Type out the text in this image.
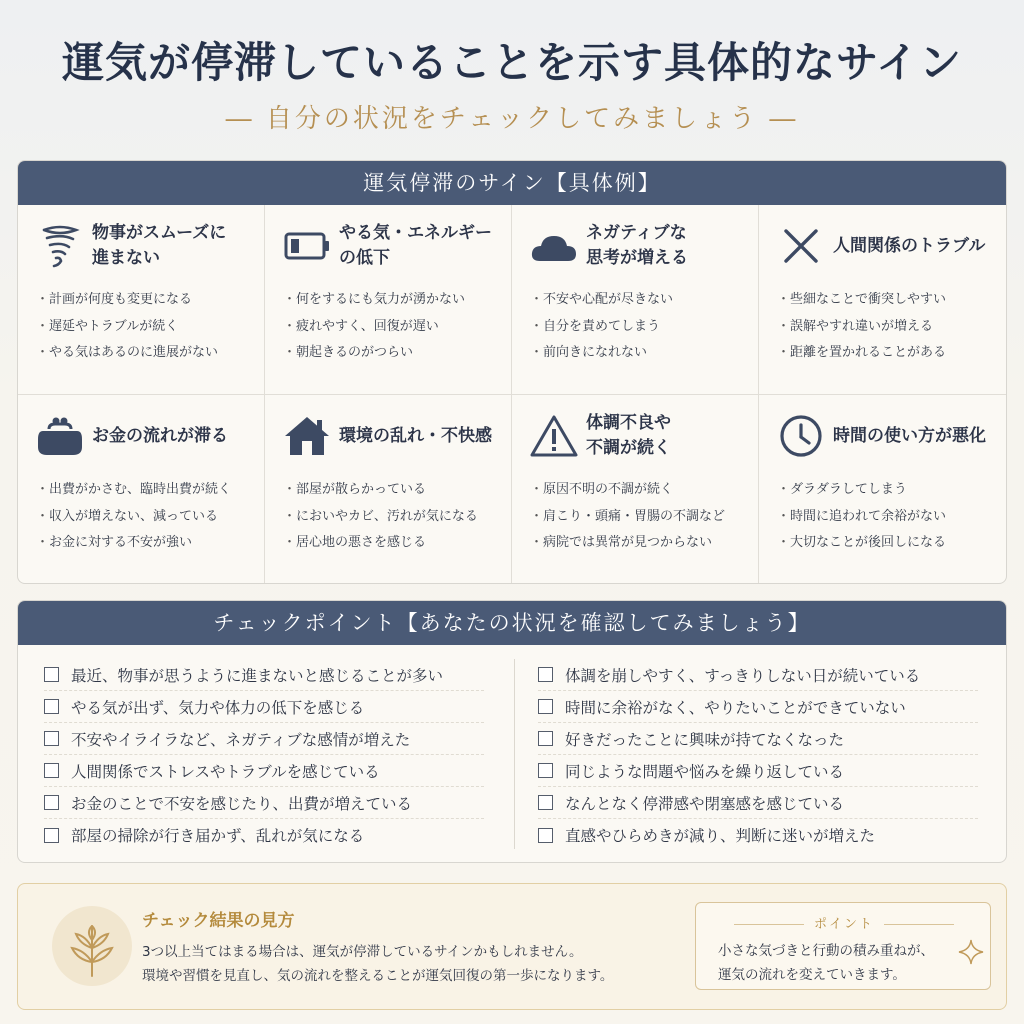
運気が停滞していることを示す具体的なサイン
― 自分の状況をチェックしてみましょう ―
運気停滞のサイン【具体例】
物事がスムーズに
進まない
・ 計画が何度も変更になる
・ 遅延やトラブルが続く
・ やる気はあるのに進展がない
やる気・エネルギー
の低下
・ 何をするにも気力が湧かない
・ 疲れやすく、回復が遅い
・ 朝起きるのがつらい
ネガティブな
思考が増える
・ 不安や心配が尽きない
・ 自分を責めてしまう
・ 前向きになれない
人間関係のトラブル
・ 些細なことで衝突しやすい
・ 誤解やすれ違いが増える
・ 距離を置かれることがある
お金の流れが滞る
・ 出費がかさむ、臨時出費が続く
・ 収入が増えない、減っている
・ お金に対する不安が強い
環境の乱れ・不快感
・ 部屋が散らかっている
・ においやカビ、汚れが気になる
・ 居心地の悪さを感じる
体調不良や
不調が続く
・ 原因不明の不調が続く
・ 肩こり・頭痛・胃腸の不調など
・ 病院では異常が見つからない
時間の使い方が悪化
・ ダラダラしてしまう
・ 時間に追われて余裕がない
・ 大切なことが後回しになる
チェックポイント【あなたの状況を確認してみましょう】
最近、物事が思うように進まないと感じることが多い
やる気が出ず、気力や体力の低下を感じる
不安やイライラなど、ネガティブな感情が増えた
人間関係でストレスやトラブルを感じている
お金のことで不安を感じたり、出費が増えている
部屋の掃除が行き届かず、乱れが気になる
体調を崩しやすく、すっきりしない日が続いている
時間に余裕がなく、やりたいことができていない
好きだったことに興味が持てなくなった
同じような問題や悩みを繰り返している
なんとなく停滞感や閉塞感を感じている
直感やひらめきが減り、判断に迷いが増えた
チェック結果の見方
3つ以上当てはまる場合は、運気が停滞しているサインかもしれません。
環境や習慣を見直し、気の流れを整えることが運気回復の第一歩になります。
ポイント
小さな気づきと行動の積み重ねが、
運気の流れを変えていきます。
